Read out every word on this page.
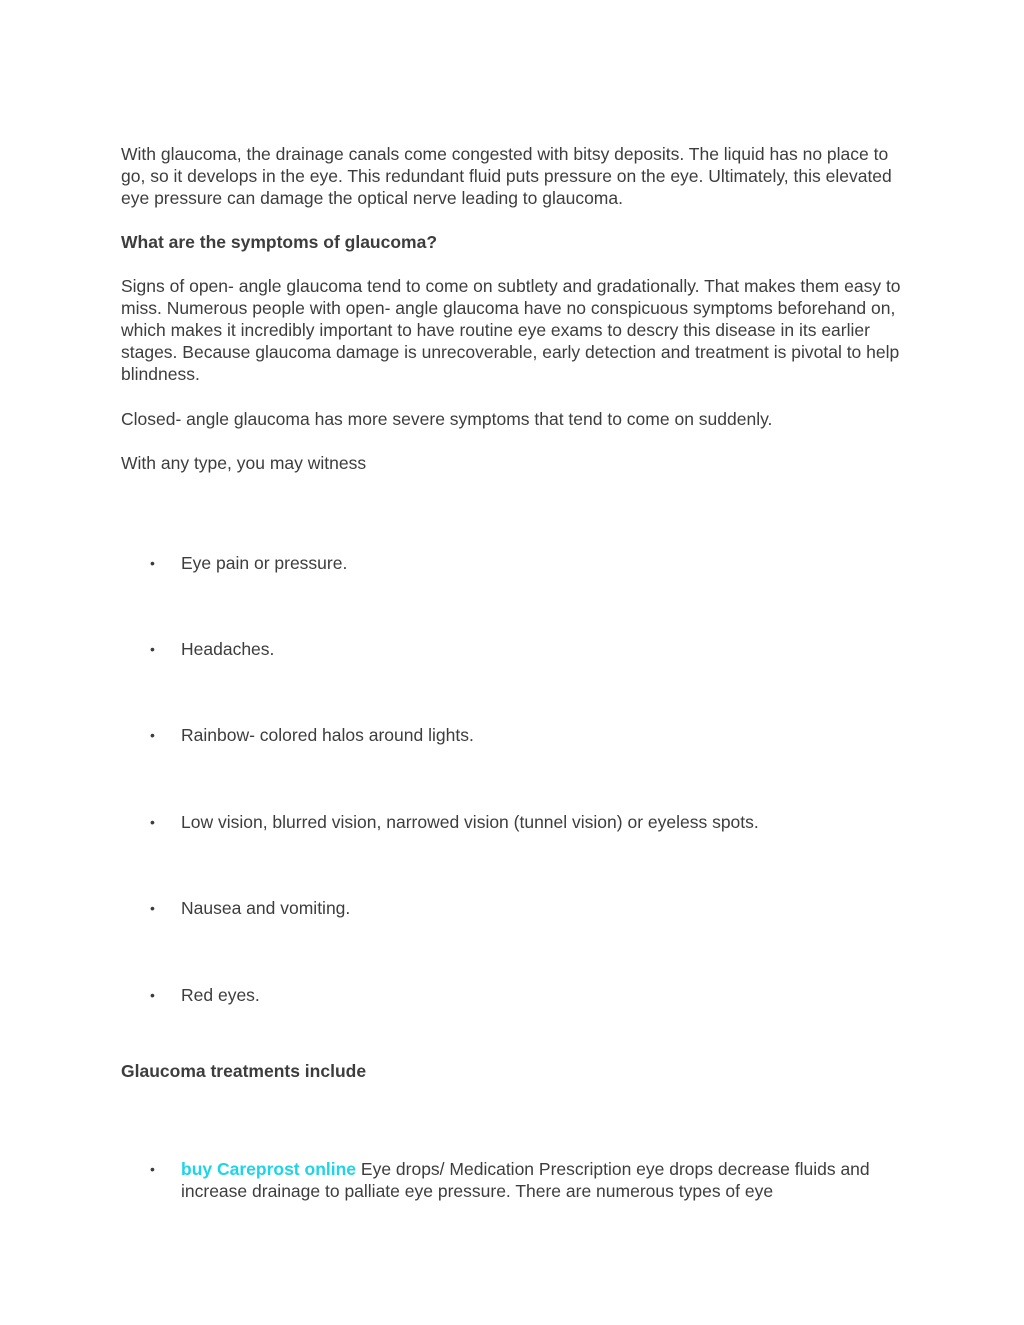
With glaucoma, the drainage canals come congested with bitsy deposits. The liquid has no place to go, so it develops in the eye. This redundant fluid puts pressure on the eye. Ultimately, this elevated eye pressure can damage the optical nerve leading to glaucoma.

What are the symptoms of glaucoma?

Signs of open- angle glaucoma tend to come on subtlety and gradationally. That makes them easy to miss. Numerous people with open- angle glaucoma have no conspicuous symptoms beforehand on, which makes it incredibly important to have routine eye exams to descry this disease in its earlier stages. Because glaucoma damage is unrecoverable, early detection and treatment is pivotal to help blindness.

Closed- angle glaucoma has more severe symptoms that tend to come on suddenly.

With any type, you may witness

• Eye pain or pressure.
• Headaches.
• Rainbow- colored halos around lights.
• Low vision, blurred vision, narrowed vision (tunnel vision) or eyeless spots.
• Nausea and vomiting.
• Red eyes.

Glaucoma treatments include

• buy Careprost online Eye drops/ Medication Prescription eye drops decrease fluids and increase drainage to palliate eye pressure. There are numerous types of eye
